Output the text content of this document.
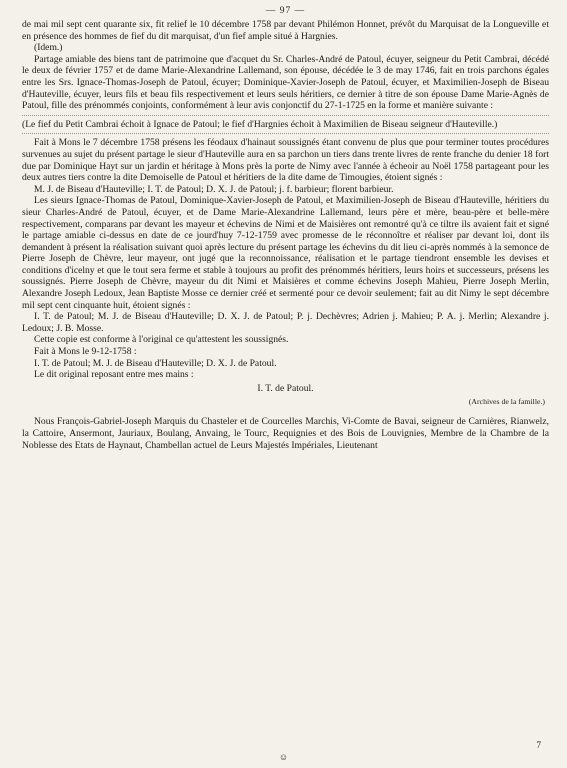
— 97 —

de mai mil sept cent quarante six, fit relief le 10 décembre 1758 par devant Philémon Honnet, prévôt du Marquisat de la Longueville et en présence des hommes de fief du dit marquisat, d'un fief ample situé à Hargnies.

(Idem.)

Partage amiable des biens tant de patrimoine que d'acquet du Sr. Charles-André de Patoul, écuyer, seigneur du Petit Cambrai, décédé le deux de février 1757 et de dame Marie-Alexandrine Lallemand, son épouse, décédée le 3 de may 1746, fait en trois parchons égales entre les Srs. Ignace-Thomas-Joseph de Patoul, écuyer; Dominique-Xavier-Joseph de Patoul, écuyer, et Maximilien-Joseph de Biseau d'Hauteville, écuyer, leurs fils et beau fils respectivement et leurs seuls héritiers, ce dernier à titre de son épouse Dame Marie-Agnès de Patoul, fille des prénommés conjoints, conformément à leur avis conjonctif du 27-1-1725 en la forme et manière suivante :

(Le fief du Petit Cambrai échoit à Ignace de Patoul; le fief d'Hargnies échoit à Maximilien de Biseau seigneur d'Hauteville.)

Fait à Mons le 7 décembre 1758 présens les féodaux d'hainaut soussignés étant convenu de plus que pour terminer toutes procédures survenues au sujet du présent partage le sieur d'Hauteville aura en sa parchon un tiers dans trente livres de rente franche du denier 18 fort due par Dominique Hayt sur un jardin et héritage à Mons près la porte de Nimy avec l'année à écheoir au Noël 1758 partageant pour les deux autres tiers contre la dite Demoiselle de Patoul et héritiers de la dite dame de Timougies, étoient signés :

M. J. de Biseau d'Hauteville; I. T. de Patoul; D. X. J. de Patoul; j. f. barbieur; florent barbieur.

Les sieurs Ignace-Thomas de Patoul, Dominique-Xavier-Joseph de Patoul, et Maximilien-Joseph de Biseau d'Hauteville, héritiers du sieur Charles-André de Patoul, écuyer, et de Dame Marie-Alexandrine Lallemand, leurs père et mère, beau-père et belle-mère respectivement, comparans par devant les mayeur et échevins de Nimi et de Maisières ont remontré qu'à ce tiltre ils avaient fait et signé le partage amiable ci-dessus en date de ce jourd'huy 7-12-1759 avec promesse de le réconnoître et réaliser par devant loi, dont ils demandent à présent la réalisation suivant quoi après lecture du présent partage les échevins du dit lieu ci-après nommés à la semonce de Pierre Joseph de Chèvre, leur mayeur, ont jugé que la reconnoissance, réalisation et le partage tiendront ensemble les devises et conditions d'icelny et que le tout sera ferme et stable à toujours au profit des prénommés héritiers, leurs hoirs et successeurs, présens les soussignés. Pierre Joseph de Chèvre, mayeur du dit Nimi et Maisières et comme échevins Joseph Mahieu, Pierre Joseph Merlin, Alexandre Joseph Ledoux, Jean Baptiste Mosse ce dernier créé et sermenté pour ce devoir seulement; fait au dit Nimy le sept décembre mil sept cent cinquante huit, étoient signés :

I. T. de Patoul; M. J. de Biseau d'Hauteville; D. X. J. de Patoul; P. j. Dechèvres; Adrien j. Mahieu; P. A. j. Merlin; Alexandre j. Ledoux; J. B. Mosse.

Cette copie est conforme à l'original ce qu'attestent les soussignés.

Fait à Mons le 9-12-1758 :

I. T. de Patoul; M. J. de Biseau d'Hauteville; D. X. J. de Patoul.

Le dit original reposant entre mes mains :

I. T. de Patoul.
(Archives de la famille.)

Nous François-Gabriel-Joseph Marquis du Chasteler et de Courcelles Marchis, Vi-Comte de Bavai, seigneur de Carnières, Rianwelz, la Cattoire, Ansermont, Jauriaux, Boulang, Anvaing, le Tourc, Requignies et des Bois de Louvignies, Membre de la Chambre de la Noblesse des Etats de Haynaut, Chambellan actuel de Leurs Majestés Impériales, Lieutenant

7
☺
